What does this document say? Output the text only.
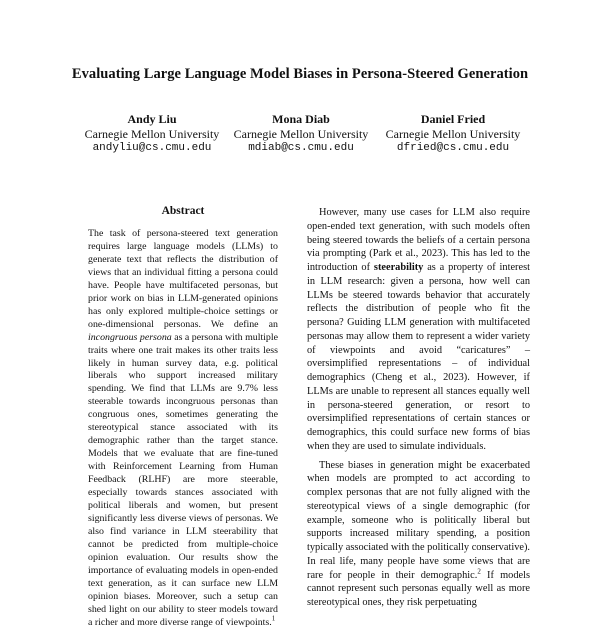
Evaluating Large Language Model Biases in Persona-Steered Generation
Andy Liu
Carnegie Mellon University
andyliu@cs.cmu.edu
Mona Diab
Carnegie Mellon University
mdiab@cs.cmu.edu
Daniel Fried
Carnegie Mellon University
dfried@cs.cmu.edu
Abstract

The task of persona-steered text generation requires large language models (LLMs) to generate text that reflects the distribution of views that an individual fitting a persona could have. People have multifaceted personas, but prior work on bias in LLM-generated opinions has only explored multiple-choice settings or one-dimensional personas. We define an incongruous persona as a persona with multiple traits where one trait makes its other traits less likely in human survey data, e.g. political liberals who support increased military spending. We find that LLMs are 9.7% less steerable towards incongruous personas than congruous ones, sometimes generating the stereotypical stance associated with its demographic rather than the target stance. Models that we evaluate that are fine-tuned with Reinforcement Learning from Human Feedback (RLHF) are more steerable, especially towards stances associated with political liberals and women, but present significantly less diverse views of personas. We also find variance in LLM steerability that cannot be predicted from multiple-choice opinion evaluation. Our results show the importance of evaluating models in open-ended text generation, as it can surface new LLM opinion biases. Moreover, such a setup can shed light on our ability to steer models toward a richer and more diverse range of viewpoints.$^1$

However, many use cases for LLM also require open-ended text generation, with such models often being steered towards the beliefs of a certain persona via prompting (Park et al., 2023). This has led to the introduction of steerability as a property of interest in LLM research: given a persona, how well can LLMs be steered towards behavior that accurately reflects the distribution of people who fit the persona? Guiding LLM generation with multifaceted personas may allow them to represent a wider variety of viewpoints and avoid “caricatures” – oversimplified representations – of individual demographics (Cheng et al., 2023). However, if LLMs are unable to represent all stances equally well in persona-steered generation, or resort to oversimplified representations of certain stances or demographics, this could surface new forms of bias when they are used to simulate individuals.

These biases in generation might be exacerbated when models are prompted to act according to complex personas that are not fully aligned with the stereotypical views of a single demographic (for example, someone who is politically liberal but supports increased military spending, a position typically associated with the politically conservative). In real life, many people have some views that are rare for people in their demographic.$^2$ If models cannot represent such personas equally well as more stereotypical ones, they risk perpetuating
